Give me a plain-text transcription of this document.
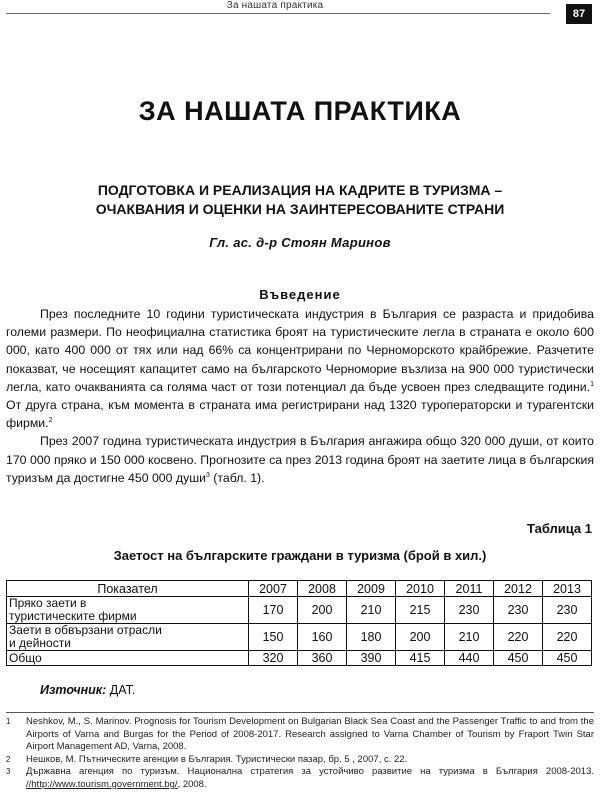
За нашата практика
87
ЗА НАШАТА ПРАКТИКА
ПОДГОТОВКА И РЕАЛИЗАЦИЯ НА КАДРИТЕ В ТУРИЗМА –
ОЧАКВАНИЯ И ОЦЕНКИ НА ЗАИНТЕРЕСОВАНИТЕ СТРАНИ
Гл. ас. д-р Стоян Маринов
Въведение

През последните 10 години туристическата индустрия в България се разрастa и придобива големи размери. По неофициална статистика броят на туристическите легла в страната е около 600 000, като 400 000 от тях или над 66% са концентрирани по Черноморското крайбрежие. Разчетите показват, че носещият капацитет само на българското Черноморие възлиза на 900 000 туристически легла, като очакванията са голяма част от този потенциал да бъде усвоен през следващите години.$^1$ От друга страна, към момента в страната има регистрирани над 1320 туроператорски и турагентски фирми.$^2$

През 2007 година туристическата индустрия в България ангажира общо 320 000 души, от които 170 000 пряко и 150 000 косвено. Прогнозите са през 2013 година броят на заетите лица в българския туризъм да достигне 450 000 души$^3$ (табл. 1).

Таблица 1
Заетост на българските граждани в туризма (брой в хил.)
Показател	2007	2008	2009	2010	2011	2012	2013

Пряко заети в
туристическите фирми	170	200	210	215	230	230	230

Заети в обвързани отрасли
и дейности	150	160	180	200	210	220	220

Общо	320	360	390	415	440	450	450
Източник: ДАТ.
1 Neshkov, M., S. Marinov. Prognosis for Tourism Development on Bulgarian Black Sea Coast and the Passenger Traffic to and from the Airports of Varna and Burgas for the Period of 2008-2017. Research assigned to Varna Chamber of Tourism by Fraport Twin Star Airport Management AD, Varna, 2008.
2 Нешков, М. Пътническите агенции в България. Туристически пазар, бр. 5 , 2007, с. 22.
3 Държавна агенция по туризъм. Национална стратегия за устойчиво развитие на туризма в България 2008-2013. //http://www.tourism.government.bg/, 2008.
